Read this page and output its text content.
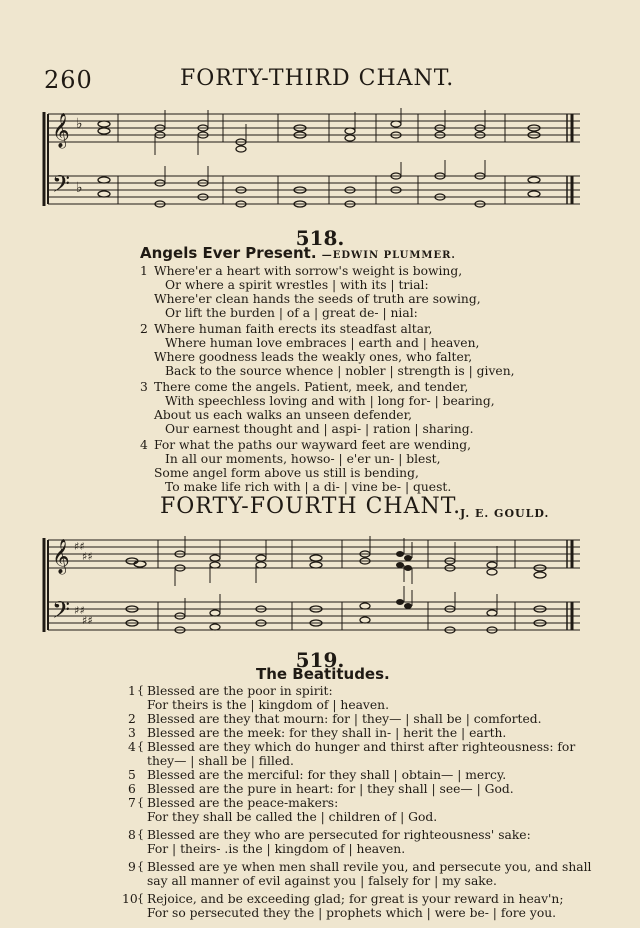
260	FORTY-THIRD CHANT.
𝄞
𝄢
♭
♭
518.
Angels Ever Present. —EDWIN PLUMMER.
1 Where'er a heart with sorrow's weight is bowing,
Or where a spirit wrestles | with its | trial:
Where'er clean hands the seeds of truth are sowing,
Or lift the burden | of a | great de- | nial:
2 Where human faith erects its steadfast altar,
Where human love embraces | earth and | heaven,
Where goodness leads the weakly ones, who falter,
Back to the source whence | nobler | strength is | given,
3 There come the angels. Patient, meek, and tender,
With speechless loving and with | long for- | bearing,
About us each walks an unseen defender,
Our earnest thought and | aspi- | ration | sharing.
4 For what the paths our wayward feet are wending,
In all our moments, howso- | e'er un- | blest,
Some angel form above us still is bending,
To make life rich with | a di- | vine be- | quest.
FORTY-FOURTH CHANT.
J. E. GOULD.
𝄞
𝄢
♯♯
♯♯
♯♯
♯♯
519.
The Beatitudes.
1 { Blessed are the poor in spirit:
For theirs is the | kingdom of | heaven.
2 Blessed are they that mourn: for | they— | shall be | comforted.
3 Blessed are the meek: for they shall in- | herit the | earth.
4 { Blessed are they which do hunger and thirst after righteousness: for
they— | shall be | filled.
5 Blessed are the merciful: for they shall | obtain— | mercy.
6 Blessed are the pure in heart: for | they shall | see— | God.
7 { Blessed are the peace-makers:
For they shall be called the | children of | God.
8 { Blessed are they who are persecuted for righteousness' sake:
For | theirs- .is the | kingdom of | heaven.
9 { Blessed are ye when men shall revile you, and persecute you, and shall
say all manner of evil against you | falsely for | my sake.
10 { Rejoice, and be exceeding glad; for great is your reward in heav'n;
For so persecuted they the | prophets which | were be- | fore you.
